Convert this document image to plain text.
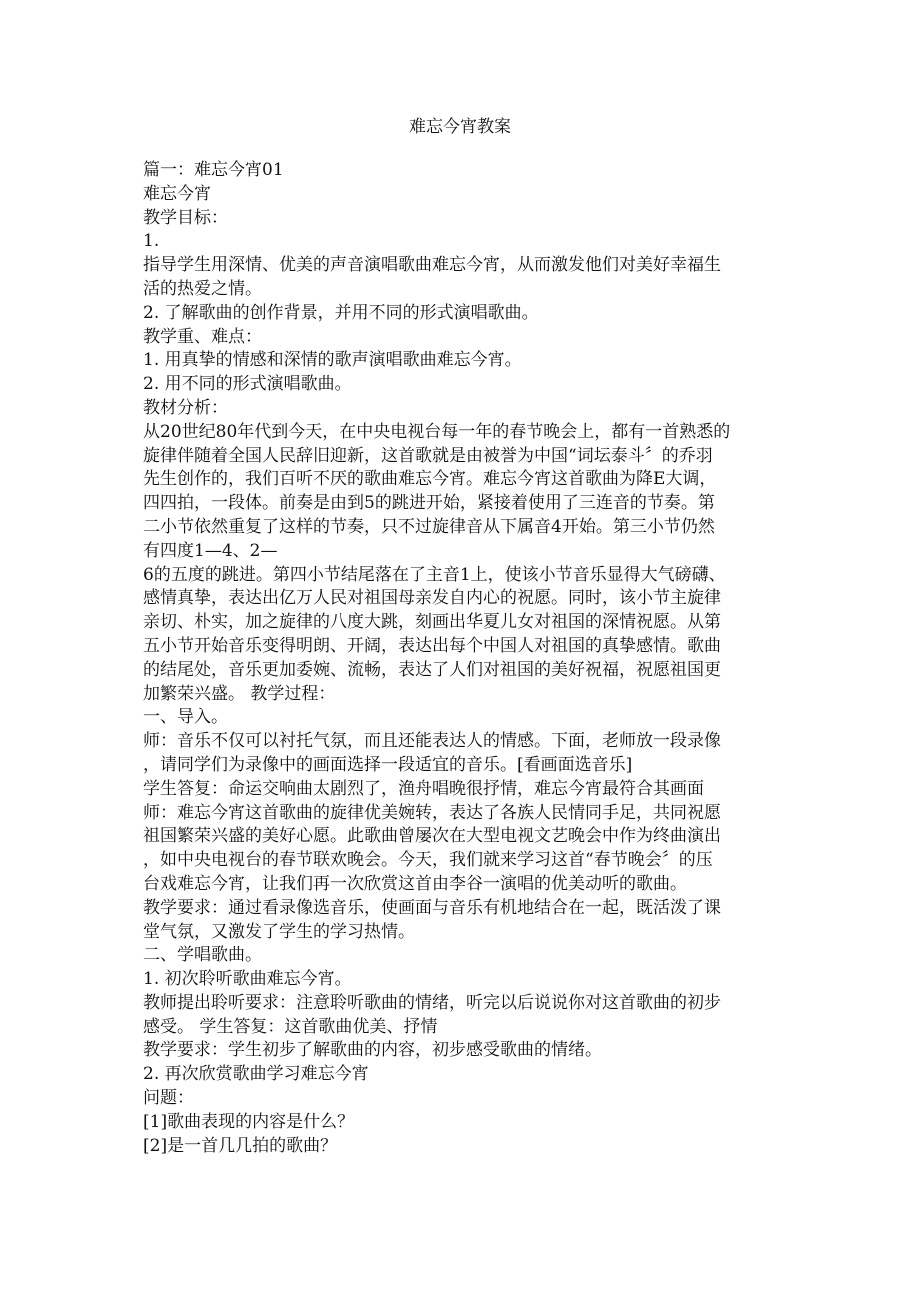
难忘今宵教案
篇一：难忘今宵01
难忘今宵
教学目标：
1.
指导学生用深情、优美的声音演唱歌曲难忘今宵，从而激发他们对美好幸福生
活的热爱之情。
2. 了解歌曲的创作背景，并用不同的形式演唱歌曲。
教学重、难点：
1. 用真挚的情感和深情的歌声演唱歌曲难忘今宵。
2. 用不同的形式演唱歌曲。
教材分析：
从20世纪80年代到今天，在中央电视台每一年的春节晚会上，都有一首熟悉的
旋律伴随着全国人民辞旧迎新，这首歌就是由被誉为中国“词坛泰斗〞的乔羽
先生创作的，我们百听不厌的歌曲难忘今宵。难忘今宵这首歌曲为降E大调，
四四拍，一段体。前奏是由到5的跳进开始，紧接着使用了三连音的节奏。第
二小节依然重复了这样的节奏，只不过旋律音从下属音4开始。第三小节仍然
有四度1—4、2—
6的五度的跳进。第四小节结尾落在了主音1上，使该小节音乐显得大气磅礴、
感情真挚，表达出亿万人民对祖国母亲发自内心的祝愿。同时，该小节主旋律
亲切、朴实，加之旋律的八度大跳，刻画出华夏儿女对祖国的深情祝愿。从第
五小节开始音乐变得明朗、开阔，表达出每个中国人对祖国的真挚感情。歌曲
的结尾处，音乐更加委婉、流畅，表达了人们对祖国的美好祝福，祝愿祖国更
加繁荣兴盛。 教学过程：
一、导入。
师：音乐不仅可以衬托气氛，而且还能表达人的情感。下面，老师放一段录像
，请同学们为录像中的画面选择一段适宜的音乐。[看画面选音乐]
学生答复：命运交响曲太剧烈了，渔舟唱晚很抒情，难忘今宵最符合其画面
师：难忘今宵这首歌曲的旋律优美婉转，表达了各族人民情同手足，共同祝愿
祖国繁荣兴盛的美好心愿。此歌曲曾屡次在大型电视文艺晚会中作为终曲演出
，如中央电视台的春节联欢晚会。今天，我们就来学习这首“春节晚会〞的压
台戏难忘今宵，让我们再一次欣赏这首由李谷一演唱的优美动听的歌曲。
教学要求：通过看录像选音乐，使画面与音乐有机地结合在一起，既活泼了课
堂气氛，又激发了学生的学习热情。
二、学唱歌曲。
1. 初次聆听歌曲难忘今宵。
教师提出聆听要求：注意聆听歌曲的情绪，听完以后说说你对这首歌曲的初步
感受。 学生答复：这首歌曲优美、抒情
教学要求：学生初步了解歌曲的内容，初步感受歌曲的情绪。
2. 再次欣赏歌曲学习难忘今宵
问题：
[1]歌曲表现的内容是什么？
[2]是一首几几拍的歌曲？
